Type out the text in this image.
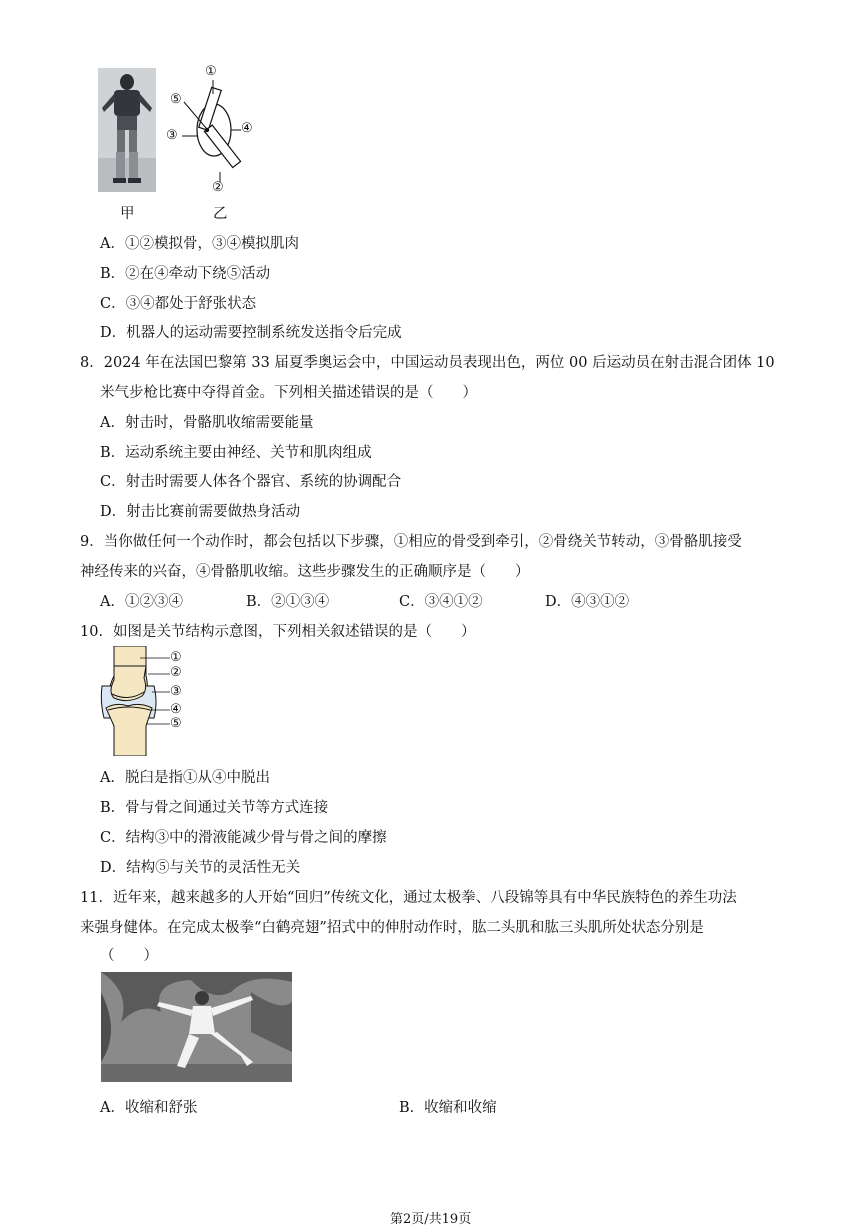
①
②
③	④
⑤
甲	乙
A．①②模拟骨，③④模拟肌肉
B．②在④牵动下绕⑤活动
C．③④都处于舒张状态
D．机器人的运动需要控制系统发送指令后完成
8．2024 年在法国巴黎第 33 届夏季奥运会中，中国运动员表现出色，两位 00 后运动员在射击混合团体 10
米气步枪比赛中夺得首金。下列相关描述错误的是（　　）
A．射击时，骨骼肌收缩需要能量
B．运动系统主要由神经、关节和肌肉组成
C．射击时需要人体各个器官、系统的协调配合
D．射击比赛前需要做热身活动
9．当你做任何一个动作时，都会包括以下步骤，①相应的骨受到牵引，②骨绕关节转动，③骨骼肌接受
神经传来的兴奋，④骨骼肌收缩。这些步骤发生的正确顺序是（　　）
A．①②③④	B．②①③④	C．③④①②	D．④③①②
10．如图是关节结构示意图，下列相关叙述错误的是（　　）
①
②
③
④
⑤
A．脱臼是指①从④中脱出
B．骨与骨之间通过关节等方式连接
C．结构③中的滑液能减少骨与骨之间的摩擦
D．结构⑤与关节的灵活性无关
11．近年来，越来越多的人开始“回归”传统文化，通过太极拳、八段锦等具有中华民族特色的养生功法
来强身健体。在完成太极拳“白鹤亮翅”招式中的伸肘动作时，肱二头肌和肱三头肌所处状态分别是
（　　）
A．收缩和舒张	B．收缩和收缩
第2页/共19页
